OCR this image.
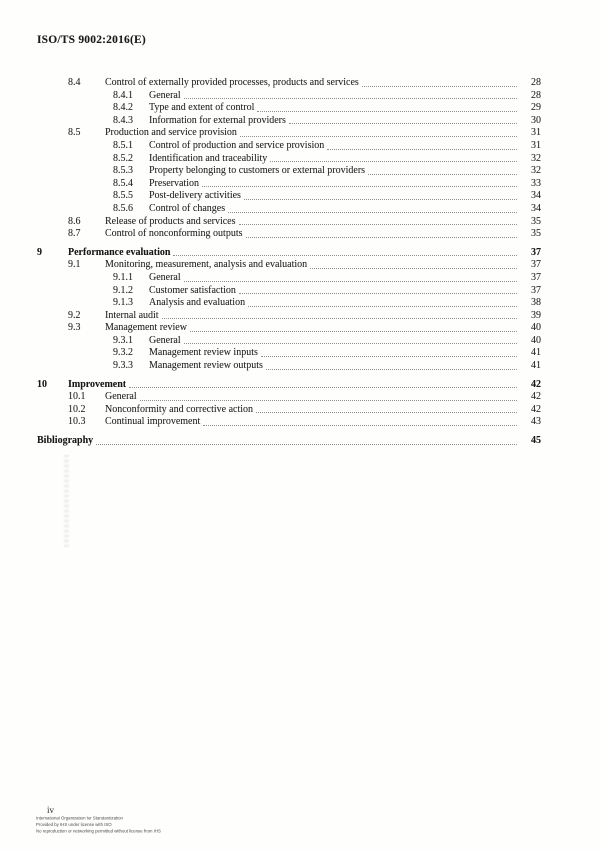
ISO/TS 9002:2016(E)
8.4	Control of externally provided processes, products and services	28
8.4.1	General	28
8.4.2	Type and extent of control	29
8.4.3	Information for external providers	30
8.5	Production and service provision	31
8.5.1	Control of production and service provision	31
8.5.2	Identification and traceability	32
8.5.3	Property belonging to customers or external providers	32
8.5.4	Preservation	33
8.5.5	Post-delivery activities	34
8.5.6	Control of changes	34
8.6	Release of products and services	35
8.7	Control of nonconforming outputs	35
9	Performance evaluation	37
9.1	Monitoring, measurement, analysis and evaluation	37
9.1.1	General	37
9.1.2	Customer satisfaction	37
9.1.3	Analysis and evaluation	38
9.2	Internal audit	39
9.3	Management review	40
9.3.1	General	40
9.3.2	Management review inputs	41
9.3.3	Management review outputs	41
10	Improvement	42
10.1	General	42
10.2	Nonconformity and corrective action	42
10.3	Continual improvement	43
Bibliography	45
iv
International Organization for Standardization
Provided by IHS under license with ISO
No reproduction or networking permitted without license from IHS
